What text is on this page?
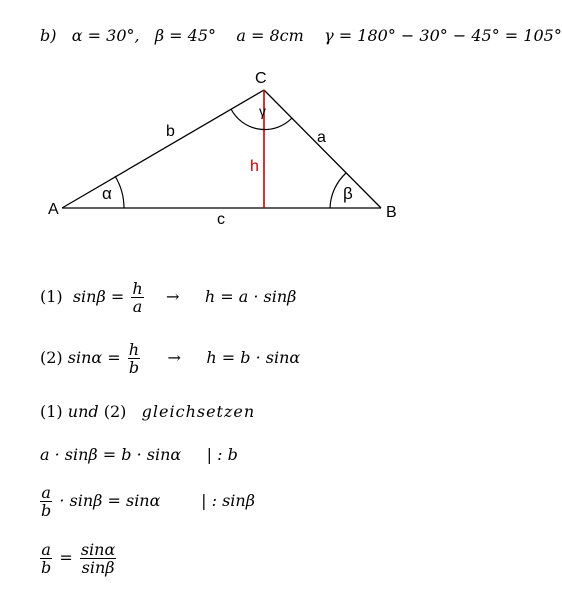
b) α = 30°, β = 45° a = 8cm γ = 180° − 30° − 45° = 105°
C
A	B
b	a
c
h
α	β
γ
(1) $\sin\beta = \frac{h}{a} \to h = a \cdot \sin\beta$
(2) $\sin\alpha = \frac{h}{b} \to h = b \cdot \sin\alpha$
(1) und (2) gleichsetzen
a · sinβ = b · sinα | : b
$\frac{a}{b} \cdot \sin\beta = \sin\alpha$	| : sinβ
$\frac{a}{b} = \frac{\sin\alpha}{\sin\beta}$
